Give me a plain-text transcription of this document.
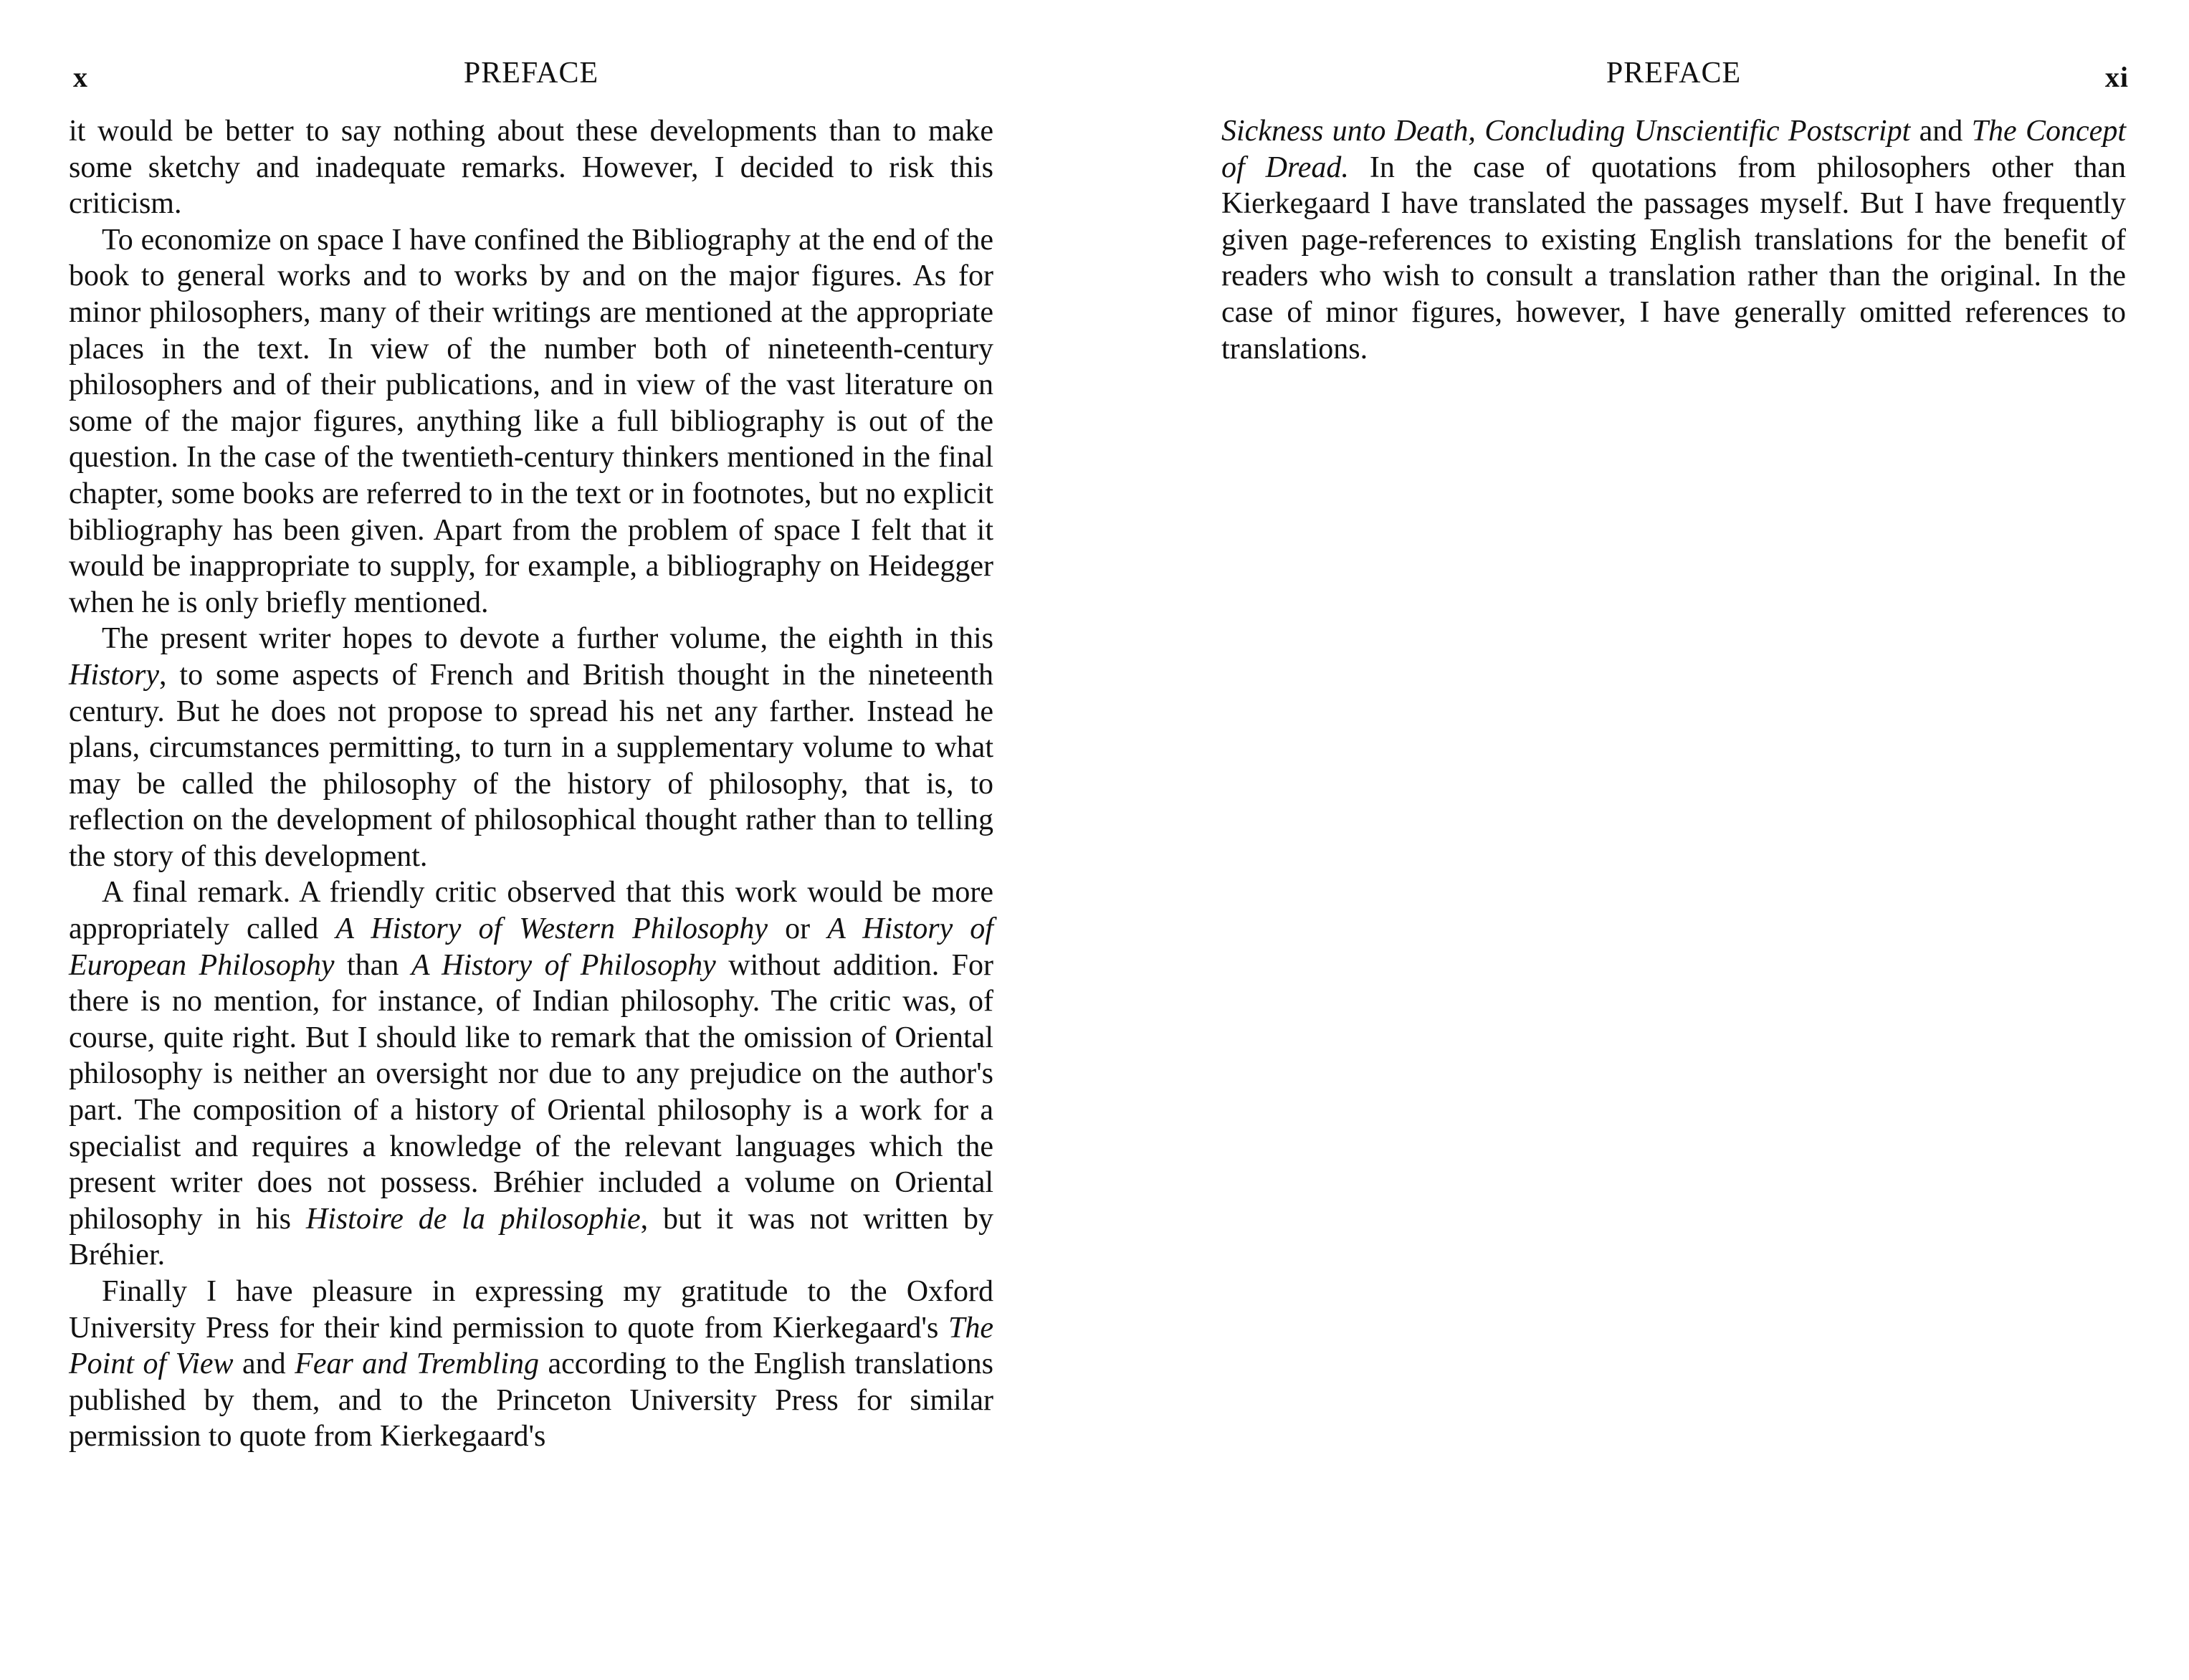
x	PREFACE

it would be better to say nothing about these developments than to make some sketchy and inadequate remarks. However, I decided to risk this criticism.

To economize on space I have confined the Bibliography at the end of the book to general works and to works by and on the major figures. As for minor philosophers, many of their writings are mentioned at the appropriate places in the text. In view of the number both of nineteenth-century philosophers and of their publications, and in view of the vast literature on some of the major figures, anything like a full bibliography is out of the question. In the case of the twentieth-century thinkers mentioned in the final chapter, some books are referred to in the text or in footnotes, but no explicit bibliography has been given. Apart from the problem of space I felt that it would be inappropriate to supply, for example, a bibliography on Heidegger when he is only briefly mentioned.

The present writer hopes to devote a further volume, the eighth in this History, to some aspects of French and British thought in the nineteenth century. But he does not propose to spread his net any farther. Instead he plans, circumstances permitting, to turn in a supplementary volume to what may be called the philosophy of the history of philosophy, that is, to reflection on the development of philosophical thought rather than to telling the story of this development.

A final remark. A friendly critic observed that this work would be more appropriately called A History of Western Philosophy or A History of European Philosophy than A History of Philosophy without addition. For there is no mention, for instance, of Indian philosophy. The critic was, of course, quite right. But I should like to remark that the omission of Oriental philosophy is neither an oversight nor due to any prejudice on the author's part. The composition of a history of Oriental philosophy is a work for a specialist and requires a knowledge of the relevant languages which the present writer does not possess. Bréhier included a volume on Oriental philosophy in his Histoire de la philosophie, but it was not written by Bréhier.

Finally I have pleasure in expressing my gratitude to the Oxford University Press for their kind permission to quote from Kierkegaard's The Point of View and Fear and Trembling according to the English translations published by them, and to the Princeton University Press for similar permission to quote from Kierkegaard's

PREFACE	xi

Sickness unto Death, Concluding Unscientific Postscript and The Concept of Dread. In the case of quotations from philosophers other than Kierkegaard I have translated the passages myself. But I have frequently given page-references to existing English translations for the benefit of readers who wish to consult a translation rather than the original. In the case of minor figures, however, I have generally omitted references to translations.
